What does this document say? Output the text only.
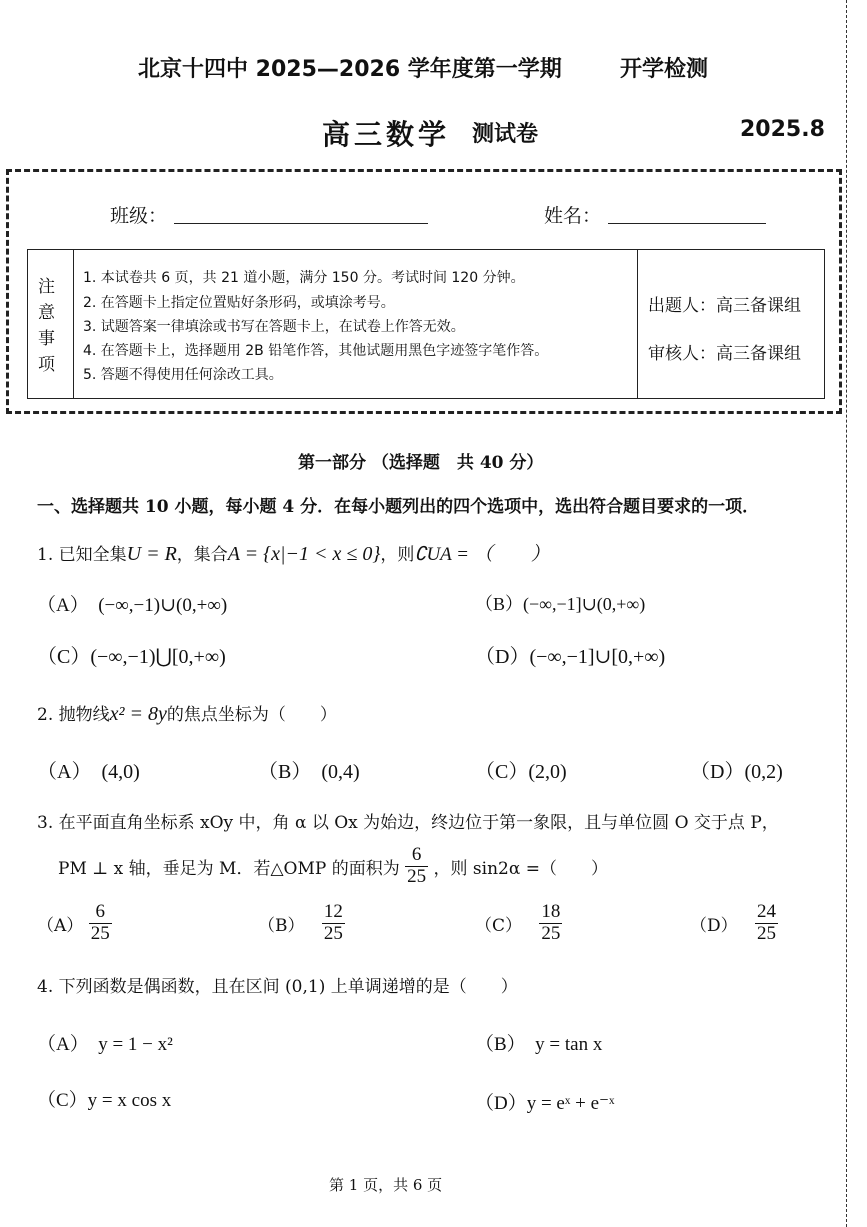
北京十四中 2025—2026 学年度第一学期	开学检测
高三数学 测试卷	2025.8
班级：	姓名：
注
意
事
项
1. 本试卷共 6 页，共 21 道小题，满分 150 分。考试时间 120 分钟。
2. 在答题卡上指定位置贴好条形码，或填涂考号。
3. 试题答案一律填涂或书写在答题卡上，在试卷上作答无效。
4. 在答题卡上，选择题用 2B 铅笔作答，其他试题用黑色字迹签字笔作答。
5. 答题不得使用任何涂改工具。
出题人：高三备课组
审核人：高三备课组
第一部分 （选择题　共 40 分）
一、选择题共 10 小题，每小题 4 分．在每小题列出的四个选项中，选出符合题目要求的一项．
1. 已知全集U = R，集合A = {x|−1 < x ≤ 0}，则∁UA = （　　）
（A）　(−∞,−1)∪(0,+∞)	（B）(−∞,−1]∪(0,+∞)
（C）(−∞,−1)⋃[0,+∞)	（D）(−∞,−1]∪[0,+∞)
2. 抛物线x² = 8y的焦点坐标为（　　）
（A）　(4,0)	（B）　(0,4)	（C）(2,0)	（D）(0,2)
3. 在平面直角坐标系 xOy 中，角 α 以 Ox 为始边，终边位于第一象限，且与单位圆 O 交于点 P，
PM ⊥ x 轴，垂足为 M．若△OMP 的面积为 $\frac{6}{25}$ ，则 sin2α =（　　）
$(A) \frac{6}{25}$	$(B) \frac{12}{25}$	$(C) \frac{18}{25}$	$(D) \frac{24}{25}$
4. 下列函数是偶函数，且在区间 (0,1) 上单调递增的是（　　）
（A）　y = 1 − x²	（B）　y = tan x
（C）y = x cos x	（D）y = eˣ + e⁻ˣ
第 1 页，共 6 页
